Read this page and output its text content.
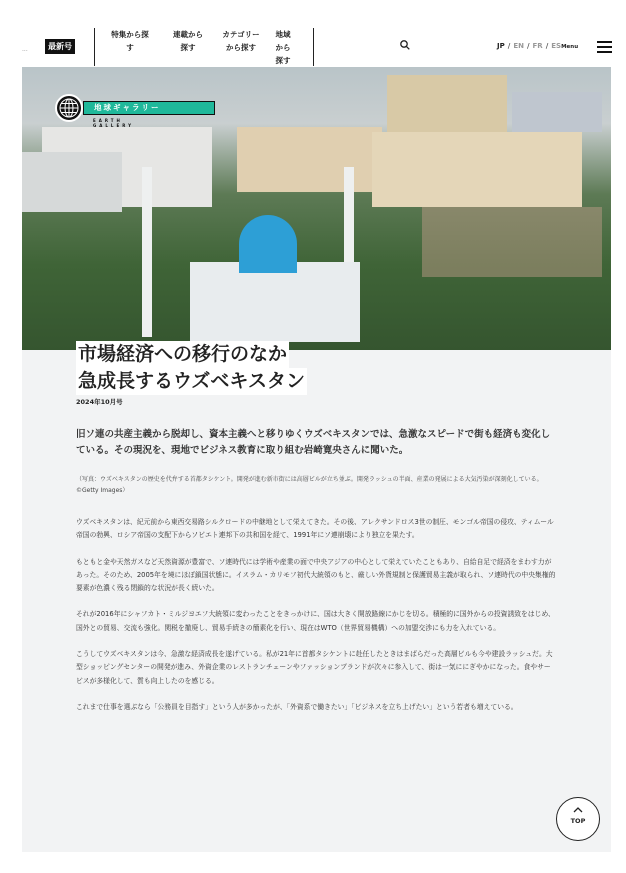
...	最新号
特集から探す
連載から探す
カテゴリーから探す
地域から探す
JP / EN / FR / ESMenu
地球ギャラリー
EARTH GALLERY
市場経済への移行のなか
急成長するウズベキスタン
2024年10月号

旧ソ連の共産主義から脱却し、資本主義へと移りゆくウズベキスタンでは、急激なスピードで街も経済も変化している。その現況を、現地でビジネス教育に取り組む岩崎寛央さんに聞いた。

（写真：ウズベキスタンの歴史を代弁する首都タシケント。開発が進む新市街には高層ビルが立ち並ぶ。開発ラッシュの半面、産業の発展による大気汚染が深刻化している。©Getty Images）

ウズベキスタンは、紀元前から東西交易路シルクロードの中継地として栄えてきた。その後、アレクサンドロス3世の制圧、モンゴル帝国の侵攻、ティムール帝国の勃興、ロシア帝国の支配下からソビエト連邦下の共和国を経て、1991年にソ連崩壊により独立を果たす。

もともと金や天然ガスなど天然資源が豊富で、ソ連時代には学術や産業の面で中央アジアの中心として栄えていたこともあり、自給自足で経済をまわす力があった。そのため、2005年を境にほぼ鎖国状態に。イスラム・カリモフ初代大統領のもと、厳しい外貨規制と保護貿易主義が取られ、ソ連時代の中央集権的要素が色濃く残る閉鎖的な状況が長く続いた。

それが2016年にシャフカト・ミルジヨエフ大統領に変わったことをきっかけに、国は大きく開放路線にかじを切る。積極的に国外からの投資誘致をはじめ、国外との貿易、交流も強化。関税を撤廃し、貿易手続きの簡素化を行い、現在はWTO（世界貿易機構）への加盟交渉にも力を入れている。

こうしてウズベキスタンは今、急激な経済成長を遂げている。私が21年に首都タシケントに赴任したときはまばらだった高層ビルも今や建設ラッシュだ。大型ショッピングセンターの開発が進み、外資企業のレストランチェーンやファッションブランドが次々に参入して、街は一気ににぎやかになった。食やサービスが多様化して、質も向上したのを感じる。

これまで仕事を選ぶなら「公務員を目指す」という人が多かったが、「外資系で働きたい」「ビジネスを立ち上げたい」という若者も増えている。

TOP
